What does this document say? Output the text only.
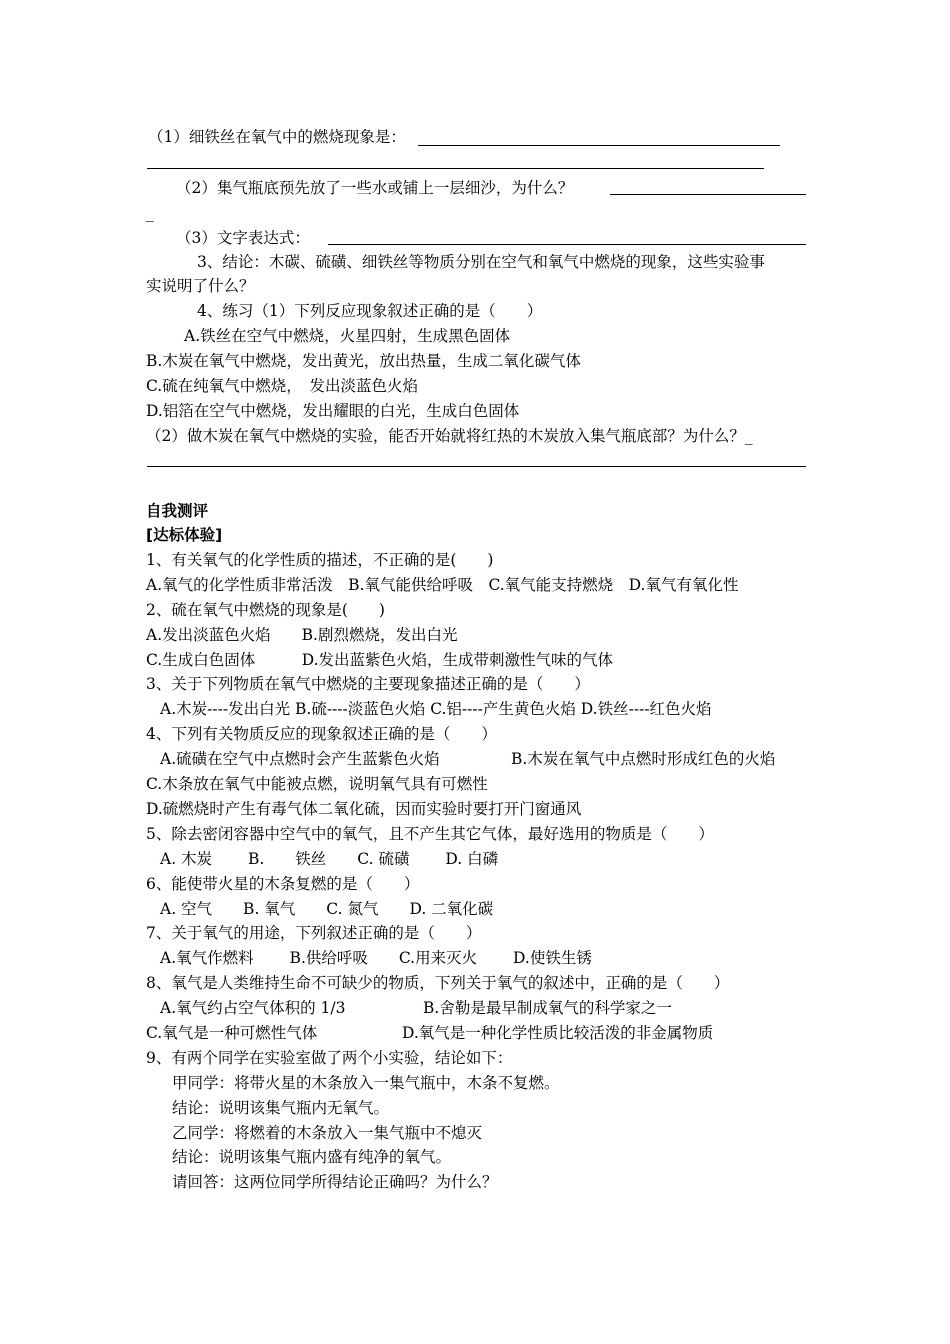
（1）细铁丝在氧气中的燃烧现象是：
（2）集气瓶底预先放了一些水或铺上一层细沙，为什么？
_
（3）文字表达式：
3、结论：木碳、硫磺、细铁丝等物质分别在空气和氧气中燃烧的现象，这些实验事
实说明了什么？
4、练习（1）下列反应现象叙述正确的是（　　）
A.铁丝在空气中燃烧，火星四射，生成黑色固体
B.木炭在氧气中燃烧，发出黄光，放出热量，生成二氧化碳气体
C.硫在纯氧气中燃烧，　发出淡蓝色火焰
D.铝箔在空气中燃烧，发出耀眼的白光，生成白色固体
（2）做木炭在氧气中燃烧的实验，能否开始就将红热的木炭放入集气瓶底部？为什么？_
自我测评
[达标体验]
1、有关氧气的化学性质的描述，不正确的是(　　)
A.氧气的化学性质非常活泼　B.氧气能供给呼吸　C.氧气能支持燃烧　D.氧气有氧化性
2、硫在氧气中燃烧的现象是(　　)
A.发出淡蓝色火焰　　B.剧烈燃烧，发出白光
C.生成白色固体　　　D.发出蓝紫色火焰，生成带刺激性气味的气体
3、关于下列物质在氧气中燃烧的主要现象描述正确的是（　　）
A.木炭----发出白光 B.硫----淡蓝色火焰 C.铝----产生黄色火焰 D.铁丝----红色火焰
4、下列有关物质反应的现象叙述正确的是（　　）
A.硫磺在空气中点燃时会产生蓝紫色火焰	B.木炭在氧气中点燃时形成红色的火焰
C.木条放在氧气中能被点燃，说明氧气具有可燃性
D.硫燃烧时产生有毒气体二氧化硫，因而实验时要打开门窗通风
5、除去密闭容器中空气中的氧气，且不产生其它气体，最好选用的物质是（　　）
A. 木炭　　 B.　　铁丝　　C. 硫磺　　 D. 白磷
6、能使带火星的木条复燃的是（　　）
A. 空气　　B. 氧气　　C. 氮气　　D. 二氧化碳
7、关于氧气的用途，下列叙述正确的是（　　）
A.氧气作燃料　　 B.供给呼吸　　C.用来灭火　　 D.使铁生锈
8、氧气是人类维持生命不可缺少的物质，下列关于氧气的叙述中，正确的是（　　）
A.氧气约占空气体积的 1/3	B.舍勒是最早制成氧气的科学家之一
C.氧气是一种可燃性气体	D.氧气是一种化学性质比较活泼的非金属物质
9、有两个同学在实验室做了两个小实验，结论如下：
甲同学：将带火星的木条放入一集气瓶中，木条不复燃。
结论：说明该集气瓶内无氧气。
乙同学：将燃着的木条放入一集气瓶中不熄灭
结论：说明该集气瓶内盛有纯净的氧气。
请回答：这两位同学所得结论正确吗？为什么？
